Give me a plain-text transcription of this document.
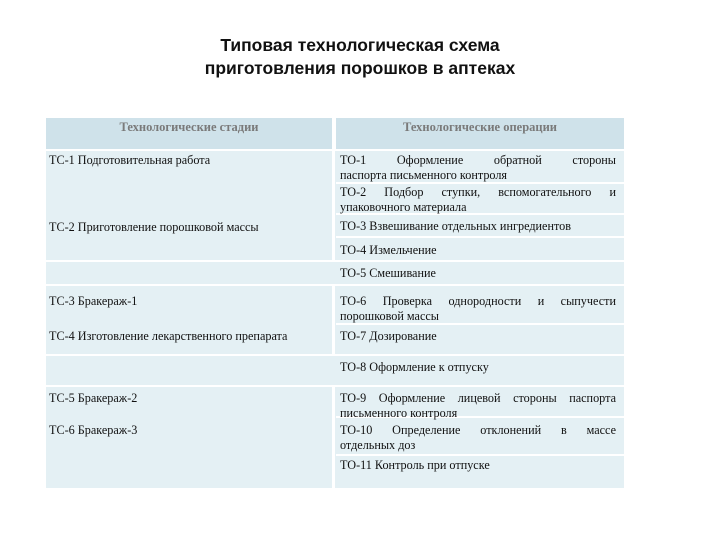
Типовая технологическая схема
приготовления порошков в аптеках
Технологические стадии	Технологические операции
ТС-1 Подготовительная работа
ТС-2 Приготовление порошковой массы
ТС-3 Бракераж-1
ТС-4 Изготовление лекарственного препарата
ТС-5 Бракераж-2
ТС-6 Бракераж-3
ТО-1 Оформление обратной стороны
паспорта письменного контроля
ТО-2 Подбор ступки, вспомогательного и
упаковочного материала
ТО-3 Взвешивание отдельных ингредиентов
ТО-4 Измельчение
ТО-5 Смешивание
ТО-6 Проверка однородности и сыпучести
порошковой массы
ТО-7 Дозирование
ТО-8 Оформление к отпуску
ТО-9 Оформление лицевой стороны паспорта
письменного контроля
ТО-10 Определение отклонений в массе
отдельных доз
ТО-11 Контроль при отпуске
